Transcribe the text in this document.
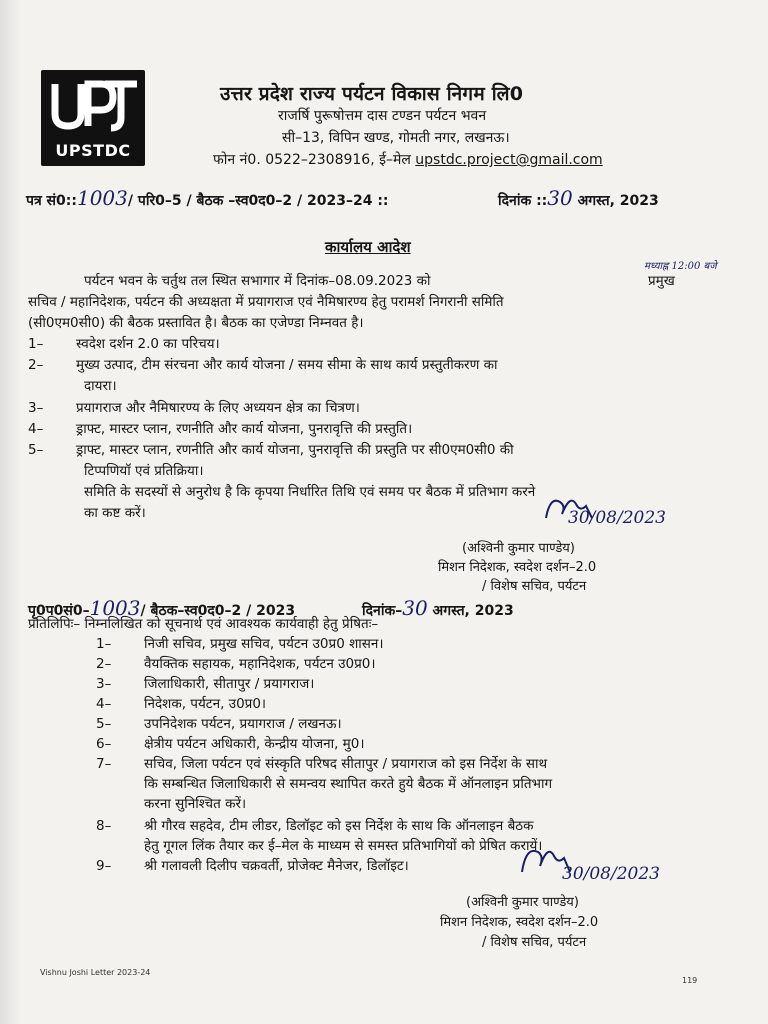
UPSTDC
उत्तर प्रदेश राज्य पर्यटन विकास निगम लि0
राजर्षि पुरूषोत्तम दास टण्डन पर्यटन भवन
सी–13, विपिन खण्ड, गोमती नगर, लखनऊ।
फोन नं0. 0522–2308916, ई–मेल upstdc.project@gmail.com
पत्र सं0::1003/ परि0–5 / बैठक –स्व0द0–2 / 2023–24 ::	दिनांक ::30 अगस्त, 2023
कार्यालय आदेश
पर्यटन भवन के चर्तुथ तल स्थित सभागार में दिनांक–08.09.2023 को
मध्याह्न 12:00 बजे
प्रमुख
सचिव / महानिदेशक, पर्यटन की अध्यक्षता में प्रयागराज एवं नैमिषारण्य हेतु परामर्श निगरानी समिति
(सी0एम0सी0) की बैठक प्रस्तावित है। बैठक का एजेण्डा निम्नवत है।
1– स्वदेश दर्शन 2.0 का परिचय।
2– मुख्य उत्पाद, टीम संरचना और कार्य योजना / समय सीमा के साथ कार्य प्रस्तुतीकरण का
दायरा।
3– प्रयागराज और नैमिषारण्य के लिए अध्ययन क्षेत्र का चित्रण।
4– ड्राफ्ट, मास्टर प्लान, रणनीति और कार्य योजना, पुनरावृत्ति की प्रस्तुति।
5– ड्राफ्ट, मास्टर प्लान, रणनीति और कार्य योजना, पुनरावृत्ति की प्रस्तुति पर सी0एम0सी0 की
टिप्पणियॉ एवं प्रतिक्रिया।
समिति के सदस्यों से अनुरोध है कि कृपया निर्धारित तिथि एवं समय पर बैठक में प्रतिभाग करने
का कष्ट करें।	30/08/2023
(अश्विनी कुमार पाण्डेय)
मिशन निदेशक, स्वदेश दर्शन–2.0
/ विशेष सचिव, पर्यटन
पृ0प0सं0–1003/ बैठक–स्व0द0–2 / 2023	दिनांक–30 अगस्त, 2023
प्रतिलिपिः– निम्नलिखित को सूचनार्थ एवं आवश्यक कार्यवाही हेतु प्रेषितः–
1– निजी सचिव, प्रमुख सचिव, पर्यटन उ0प्र0 शासन।
2– वैयक्तिक सहायक, महानिदेशक, पर्यटन उ0प्र0।
3– जिलाधिकारी, सीतापुर / प्रयागराज।
4– निदेशक, पर्यटन, उ0प्र0।
5– उपनिदेशक पर्यटन, प्रयागराज / लखनऊ।
6– क्षेत्रीय पर्यटन अधिकारी, केन्द्रीय योजना, मु0।
7– सचिव, जिला पर्यटन एवं संस्कृति परिषद सीतापुर / प्रयागराज को इस निर्देश के साथ
कि सम्बन्धित जिलाधिकारी से समन्वय स्थापित करते हुये बैठक में ऑनलाइन प्रतिभाग
करना सुनिश्चित करें।
8– श्री गौरव सहदेव, टीम लीडर, डिलॉइट को इस निर्देश के साथ कि ऑनलाइन बैठक
हेतु गूगल लिंक तैयार कर ई–मेल के माध्यम से समस्त प्रतिभागियों को प्रेषित करायें।
9– श्री गलावली दिलीप चक्रवर्ती, प्रोजेक्ट मैनेजर, डिलॉइट।	30/08/2023
(अश्विनी कुमार पाण्डेय)
मिशन निदेशक, स्वदेश दर्शन–2.0
/ विशेष सचिव, पर्यटन
Vishnu Joshi Letter 2023-24
119
